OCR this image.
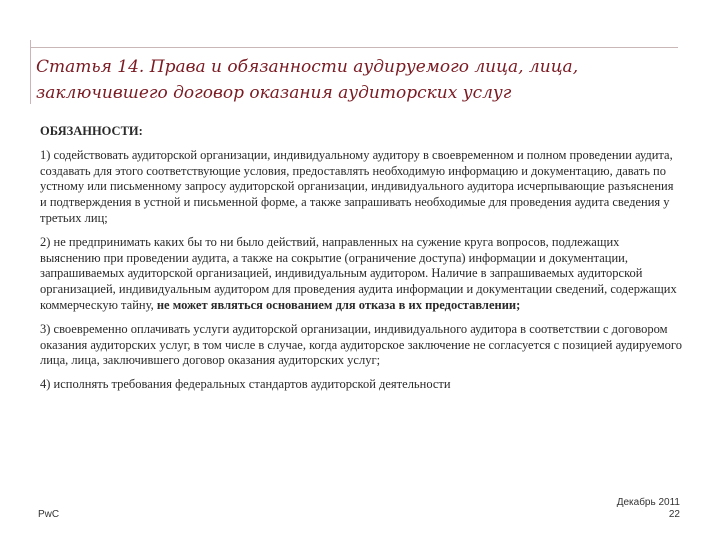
Статья 14. Права и обязанности аудируемого лица, лица, заключившего договор оказания аудиторских услуг

ОБЯЗАННОСТИ:

1) содействовать аудиторской организации, индивидуальному аудитору в своевременном и полном проведении аудита, создавать для этого соответствующие условия, предоставлять необходимую информацию и документацию, давать по устному или письменному запросу аудиторской организации, индивидуального аудитора исчерпывающие разъяснения и подтверждения в устной и письменной форме, а также запрашивать необходимые для проведения аудита сведения у третьих лиц;

2) не предпринимать каких бы то ни было действий, направленных на сужение круга вопросов, подлежащих выяснению при проведении аудита, а также на сокрытие (ограничение доступа) информации и документации, запрашиваемых аудиторской организацией, индивидуальным аудитором. Наличие в запрашиваемых аудиторской организацией, индивидуальным аудитором для проведения аудита информации и документации сведений, содержащих коммерческую тайну, не может являться основанием для отказа в их предоставлении;

3) своевременно оплачивать услуги аудиторской организации, индивидуального аудитора в соответствии с договором оказания аудиторских услуг, в том числе в случае, когда аудиторское заключение не согласуется с позицией аудируемого лица, лица, заключившего договор оказания аудиторских услуг;

4) исполнять требования федеральных стандартов аудиторской деятельности

PwC
Декабрь 2011
22
